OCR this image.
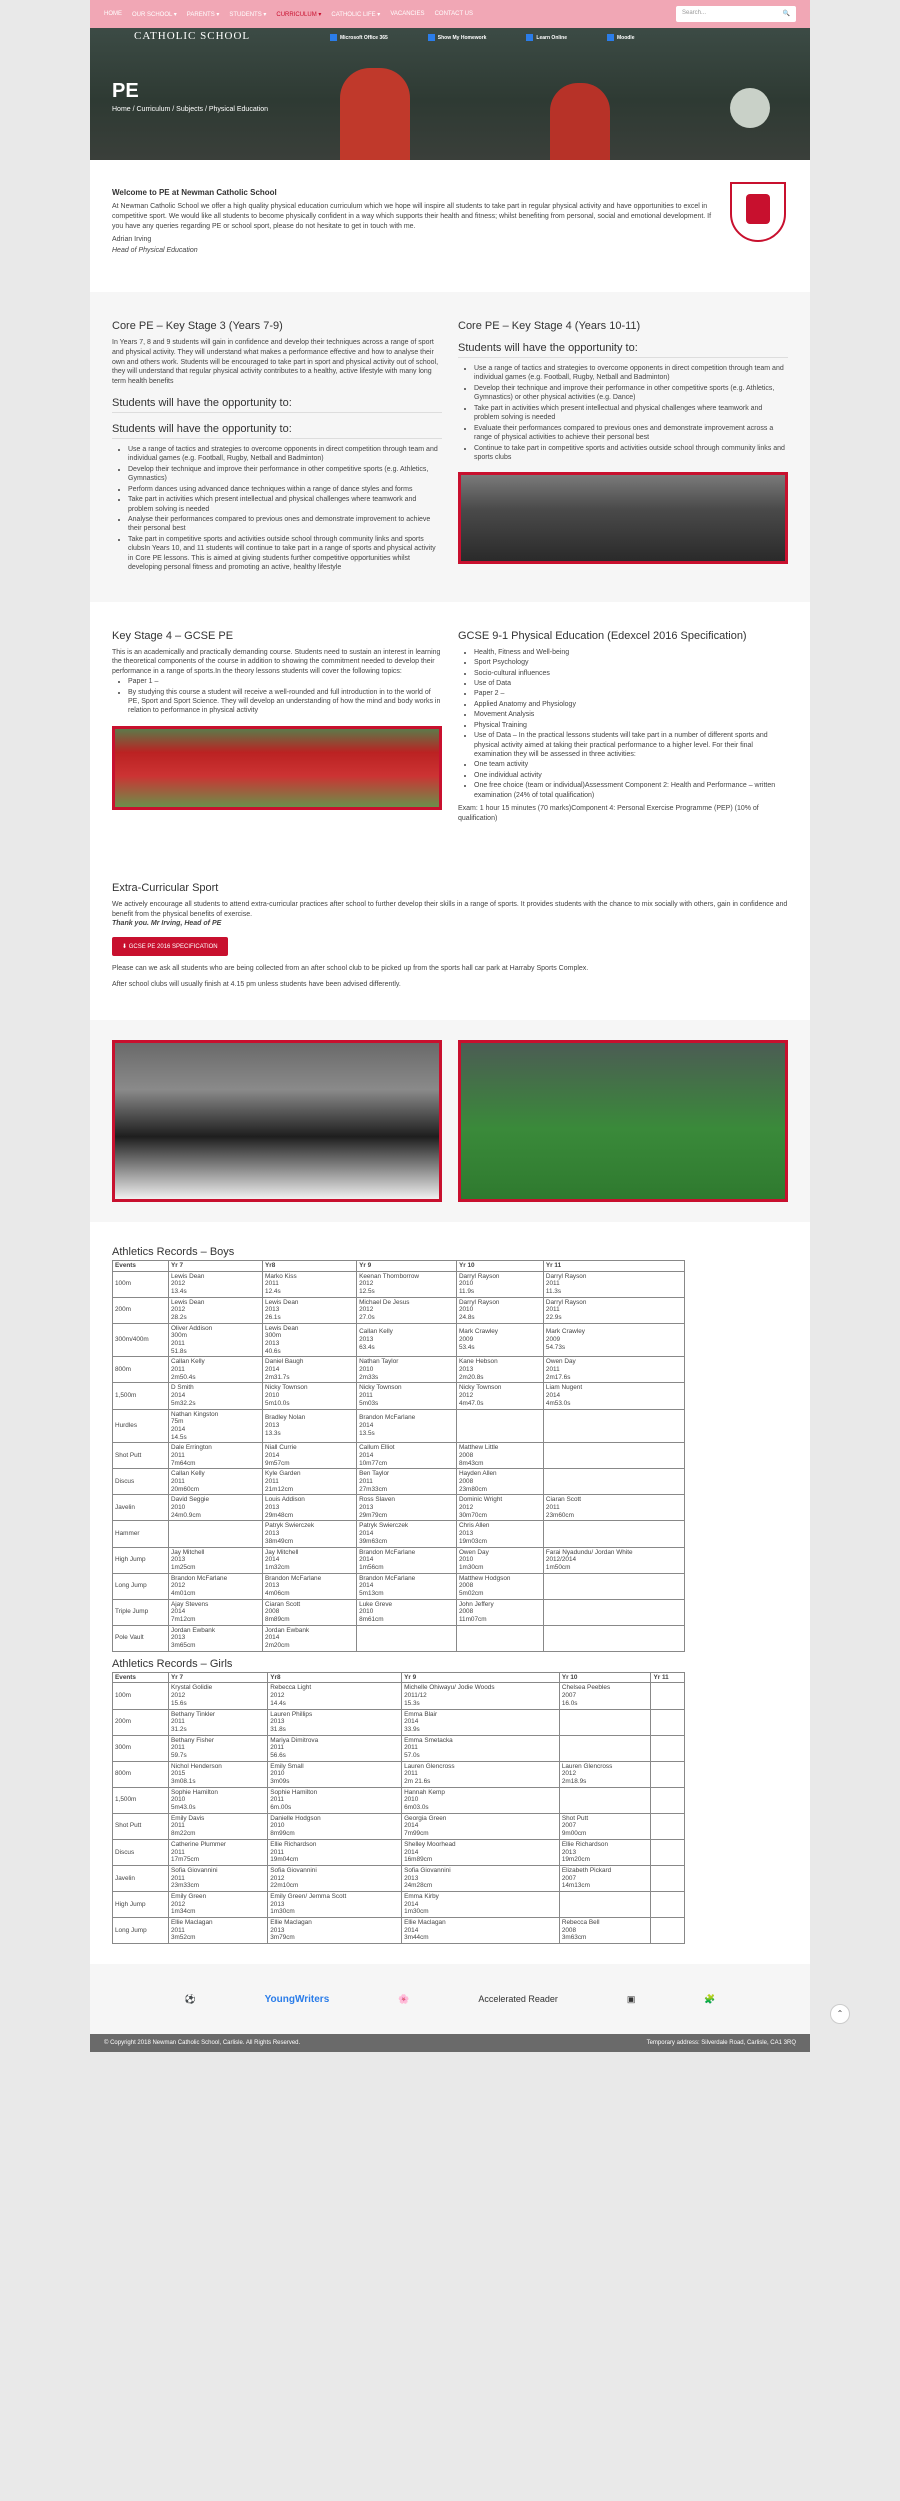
HOME OUR SCHOOL ▾ PARENTS ▾ STUDENTS ▾ CURRICULUM ▾ CATHOLIC LIFE ▾ VACANCIES CONTACT US	Search...	🔍
CATHOLIC SCHOOL	Microsoft Office 365	Show My Homework	Learn Online	Moodle
PE
Home / Curriculum / Subjects / Physical Education
Welcome to PE at Newman Catholic School

At Newman Catholic School we offer a high quality physical education curriculum which we hope will inspire all students to take part in regular physical activity and have opportunities to excel in competitive sport. We would like all students to become physically confident in a way which supports their health and fitness; whilst benefiting from personal, social and emotional development. If you have any queries regarding PE or school sport, please do not hesitate to get in touch with me.

Adrian Irving
Head of Physical Education
Core PE – Key Stage 3 (Years 7-9)

In Years 7, 8 and 9 students will gain in confidence and develop their techniques across a range of sport and physical activity. They will understand what makes a performance effective and how to analyse their own and others work. Students will be encouraged to take part in sport and physical activity out of school, they will understand that regular physical activity contributes to a healthy, active lifestyle with many long term health benefits

Students will have the opportunity to:
Students will have the opportunity to:
• Use a range of tactics and strategies to overcome opponents in direct competition through team and individual games (e.g. Football, Rugby, Netball and Badminton)
• Develop their technique and improve their performance in other competitive sports (e.g. Athletics, Gymnastics)
• Perform dances using advanced dance techniques within a range of dance styles and forms
• Take part in activities which present intellectual and physical challenges where teamwork and problem solving is needed
• Analyse their performances compared to previous ones and demonstrate improvement to achieve their personal best
• Take part in competitive sports and activities outside school through community links and sports clubsIn Years 10, and 11 students will continue to take part in a range of sports and physical activity in Core PE lessons. This is aimed at giving students further competitive opportunities whilst developing personal fitness and promoting an active, healthy lifestyle
Core PE – Key Stage 4 (Years 10-11)
Students will have the opportunity to:
• Use a range of tactics and strategies to overcome opponents in direct competition through team and individual games (e.g. Football, Rugby, Netball and Badminton)
• Develop their technique and improve their performance in other competitive sports (e.g. Athletics, Gymnastics) or other physical activities (e.g. Dance)
• Take part in activities which present intellectual and physical challenges where teamwork and problem solving is needed
• Evaluate their performances compared to previous ones and demonstrate improvement across a range of physical activities to achieve their personal best
• Continue to take part in competitive sports and activities outside school through community links and sports clubs
Key Stage 4 – GCSE PE

This is an academically and practically demanding course. Students need to sustain an interest in learning the theoretical components of the course in addition to showing the commitment needed to develop their performance in a range of sports.In the theory lessons students will cover the following topics:

• Paper 1 –
• By studying this course a student will receive a well-rounded and full introduction in to the world of PE, Sport and Sport Science. They will develop an understanding of how the mind and body works in relation to performance in physical activity
GCSE 9-1 Physical Education (Edexcel 2016 Specification)
• Health, Fitness and Well-being
• Sport Psychology
• Socio-cultural influences
• Use of Data
• Paper 2 –
• Applied Anatomy and Physiology
• Movement Analysis
• Physical Training
• Use of Data – In the practical lessons students will take part in a number of different sports and physical activity aimed at taking their practical performance to a higher level. For their final examination they will be assessed in three activities:
• One team activity
• One individual activity
• One free choice (team or individual)Assessment Component 2: Health and Performance – written examination (24% of total qualification)

Exam: 1 hour 15 minutes (70 marks)Component 4: Personal Exercise Programme (PEP) (10% of qualification)

Extra-Curricular Sport

We actively encourage all students to attend extra-curricular practices after school to further develop their skills in a range of sports. It provides students with the chance to mix socially with others, gain in confidence and benefit from the physical benefits of exercise.

Thank you. Mr Irving, Head of PE

⬇ GCSE PE 2016 SPECIFICATION

Please can we ask all students who are being collected from an after school club to be picked up from the sports hall car park at Harraby Sports Complex.

After school clubs will usually finish at 4.15 pm unless students have been advised differently.

Athletics Records – Boys
Events	Yr 7	Yr8	Yr 9	Yr 10	Yr 11
100m	Lewis Dean
2012
13.4s	Marko Kiss
2011
12.4s	Keenan Thornborrow
2012
12.5s	Darryl Rayson
2010
11.9s	Darryl Rayson
2011
11.3s
200m	Lewis Dean
2012
28.2s	Lewis Dean
2013
26.1s	Michael De Jesus
2012
27.0s	Darryl Rayson
2010
24.8s	Darryl Rayson
2011
22.9s
300m/400m	Oliver Addison
300m
2011
51.8s	Lewis Dean
300m
2013
40.6s	Callan Kelly
2013
63.4s	Mark Crawley
2009
53.4s	Mark Crawley
2009
54.73s
800m	Callan Kelly
2011
2m50.4s	Daniel Baugh
2014
2m31.7s	Nathan Taylor
2010
2m33s	Kane Hebson
2013
2m20.8s	Owen Day
2011
2m17.6s
1,500m	D Smith
2014
5m32.2s	Nicky Townson
2010
5m10.0s	Nicky Townson
2011
5m03s	Nicky Townson
2012
4m47.0s	Liam Nugent
2014
4m53.0s
Hurdles	Nathan Kingston
75m
2014
14.5s	Bradley Nolan
2013
13.3s	Brandon McFarlane
2014
13.5s		
Shot Putt	Dale Errington
2011
7m64cm	Niall Currie
2014
9m57cm	Callum Elliot
2014
10m77cm	Matthew Little
2008
8m43cm	
Discus	Callan Kelly
2011
20m60cm	Kyle Garden
2011
21m12cm	Ben Taylor
2011
27m33cm	Hayden Allen
2008
23m80cm	
Javelin	David Seggie
2010
24m0.9cm	Louis Addison
2013
29m48cm	Ross Slaven
2013
29m79cm	Dominic Wright
2012
30m70cm	Ciaran Scott
2011
23m60cm
Hammer		Patryk Swierczek
2013
38m49cm	Patryk Swierczek
2014
39m63cm	Chris Allen
2013
19m03cm	
High Jump	Jay Mitchell
2013
1m25cm	Jay Mitchell
2014
1m32cm	Brandon McFarlane
2014
1m56cm	Owen Day
2010
1m30cm	Farai Nyadundu/ Jordan White
2012/2014
1m50cm
Long Jump	Brandon McFarlane
2012
4m01cm	Brandon McFarlane
2013
4m06cm	Brandon McFarlane
2014
5m13cm	Matthew Hodgson
2008
5m02cm	
Triple Jump	Ajay Stevens
2014
7m12cm	Ciaran Scott
2008
8m89cm	Luke Greve
2010
8m61cm	John Jeffery
2008
11m07cm	
Pole Vault	Jordan Ewbank
2013
3m65cm	Jordan Ewbank
2014
2m20cm			
Athletics Records – Girls
Events	Yr 7	Yr8	Yr 9	Yr 10	Yr 11
100m	Krystal Golidie
2012
15.6s	Rebecca Light
2012
14.4s	Michelle Ohiwayu/ Jodie Woods
2011/12
15.3s	Chelsea Peebles
2007
16.0s	
200m	Bethany Tinkler
2011
31.2s	Lauren Phillips
2013
31.8s	Emma Blair
2014
33.9s		
300m	Bethany Fisher
2011
59.7s	Mariya Dimitrova
2011
56.6s	Emma Smetacka
2011
57.0s		
800m	Nichol Henderson
2015
3m08.1s	Emily Small
2010
3m09s	Lauren Glencross
2011
2m 21.6s	Lauren Glencross
2012
2m18.9s	
1,500m	Sophie Hamilton
2010
5m43.0s	Sophie Hamilton
2011
6m.00s	Hannah Kemp
2010
6m03.0s		
Shot Putt	Emily Davis
2011
8m22cm	Danielle Hodgson
2010
8m99cm	Georgia Green
2014
7m99cm	Shot Putt
2007
9m00cm	
Discus	Catherine Plummer
2011
17m75cm	Ellie Richardson
2011
19m04cm	Shelley Moorhead
2014
16m89cm	Ellie Richardson
2013
19m20cm	
Javelin	Sofia Giovannini
2011
23m33cm	Sofia Giovannini
2012
22m10cm	Sofia Giovannini
2013
24m28cm	Elizabeth Pickard
2007
14m13cm	
High Jump	Emily Green
2012
1m34cm	Emily Green/ Jemma Scott
2013
1m30cm	Emma Kirby
2014
1m30cm		
Long Jump	Ellie Maclagan
2011
3m52cm	Ellie Maclagan
2013
3m79cm	Ellie Maclagan
2014
3m44cm	Rebecca Bell
2008
3m63cm	
⚽	YoungWriters	🌸	Accelerated Reader	▣	🧩
© Copyright 2018 Newman Catholic School, Carlisle. All Rights Reserved.	Temporary address: Silverdale Road, Carlisle, CA1 3RQ
⌃
